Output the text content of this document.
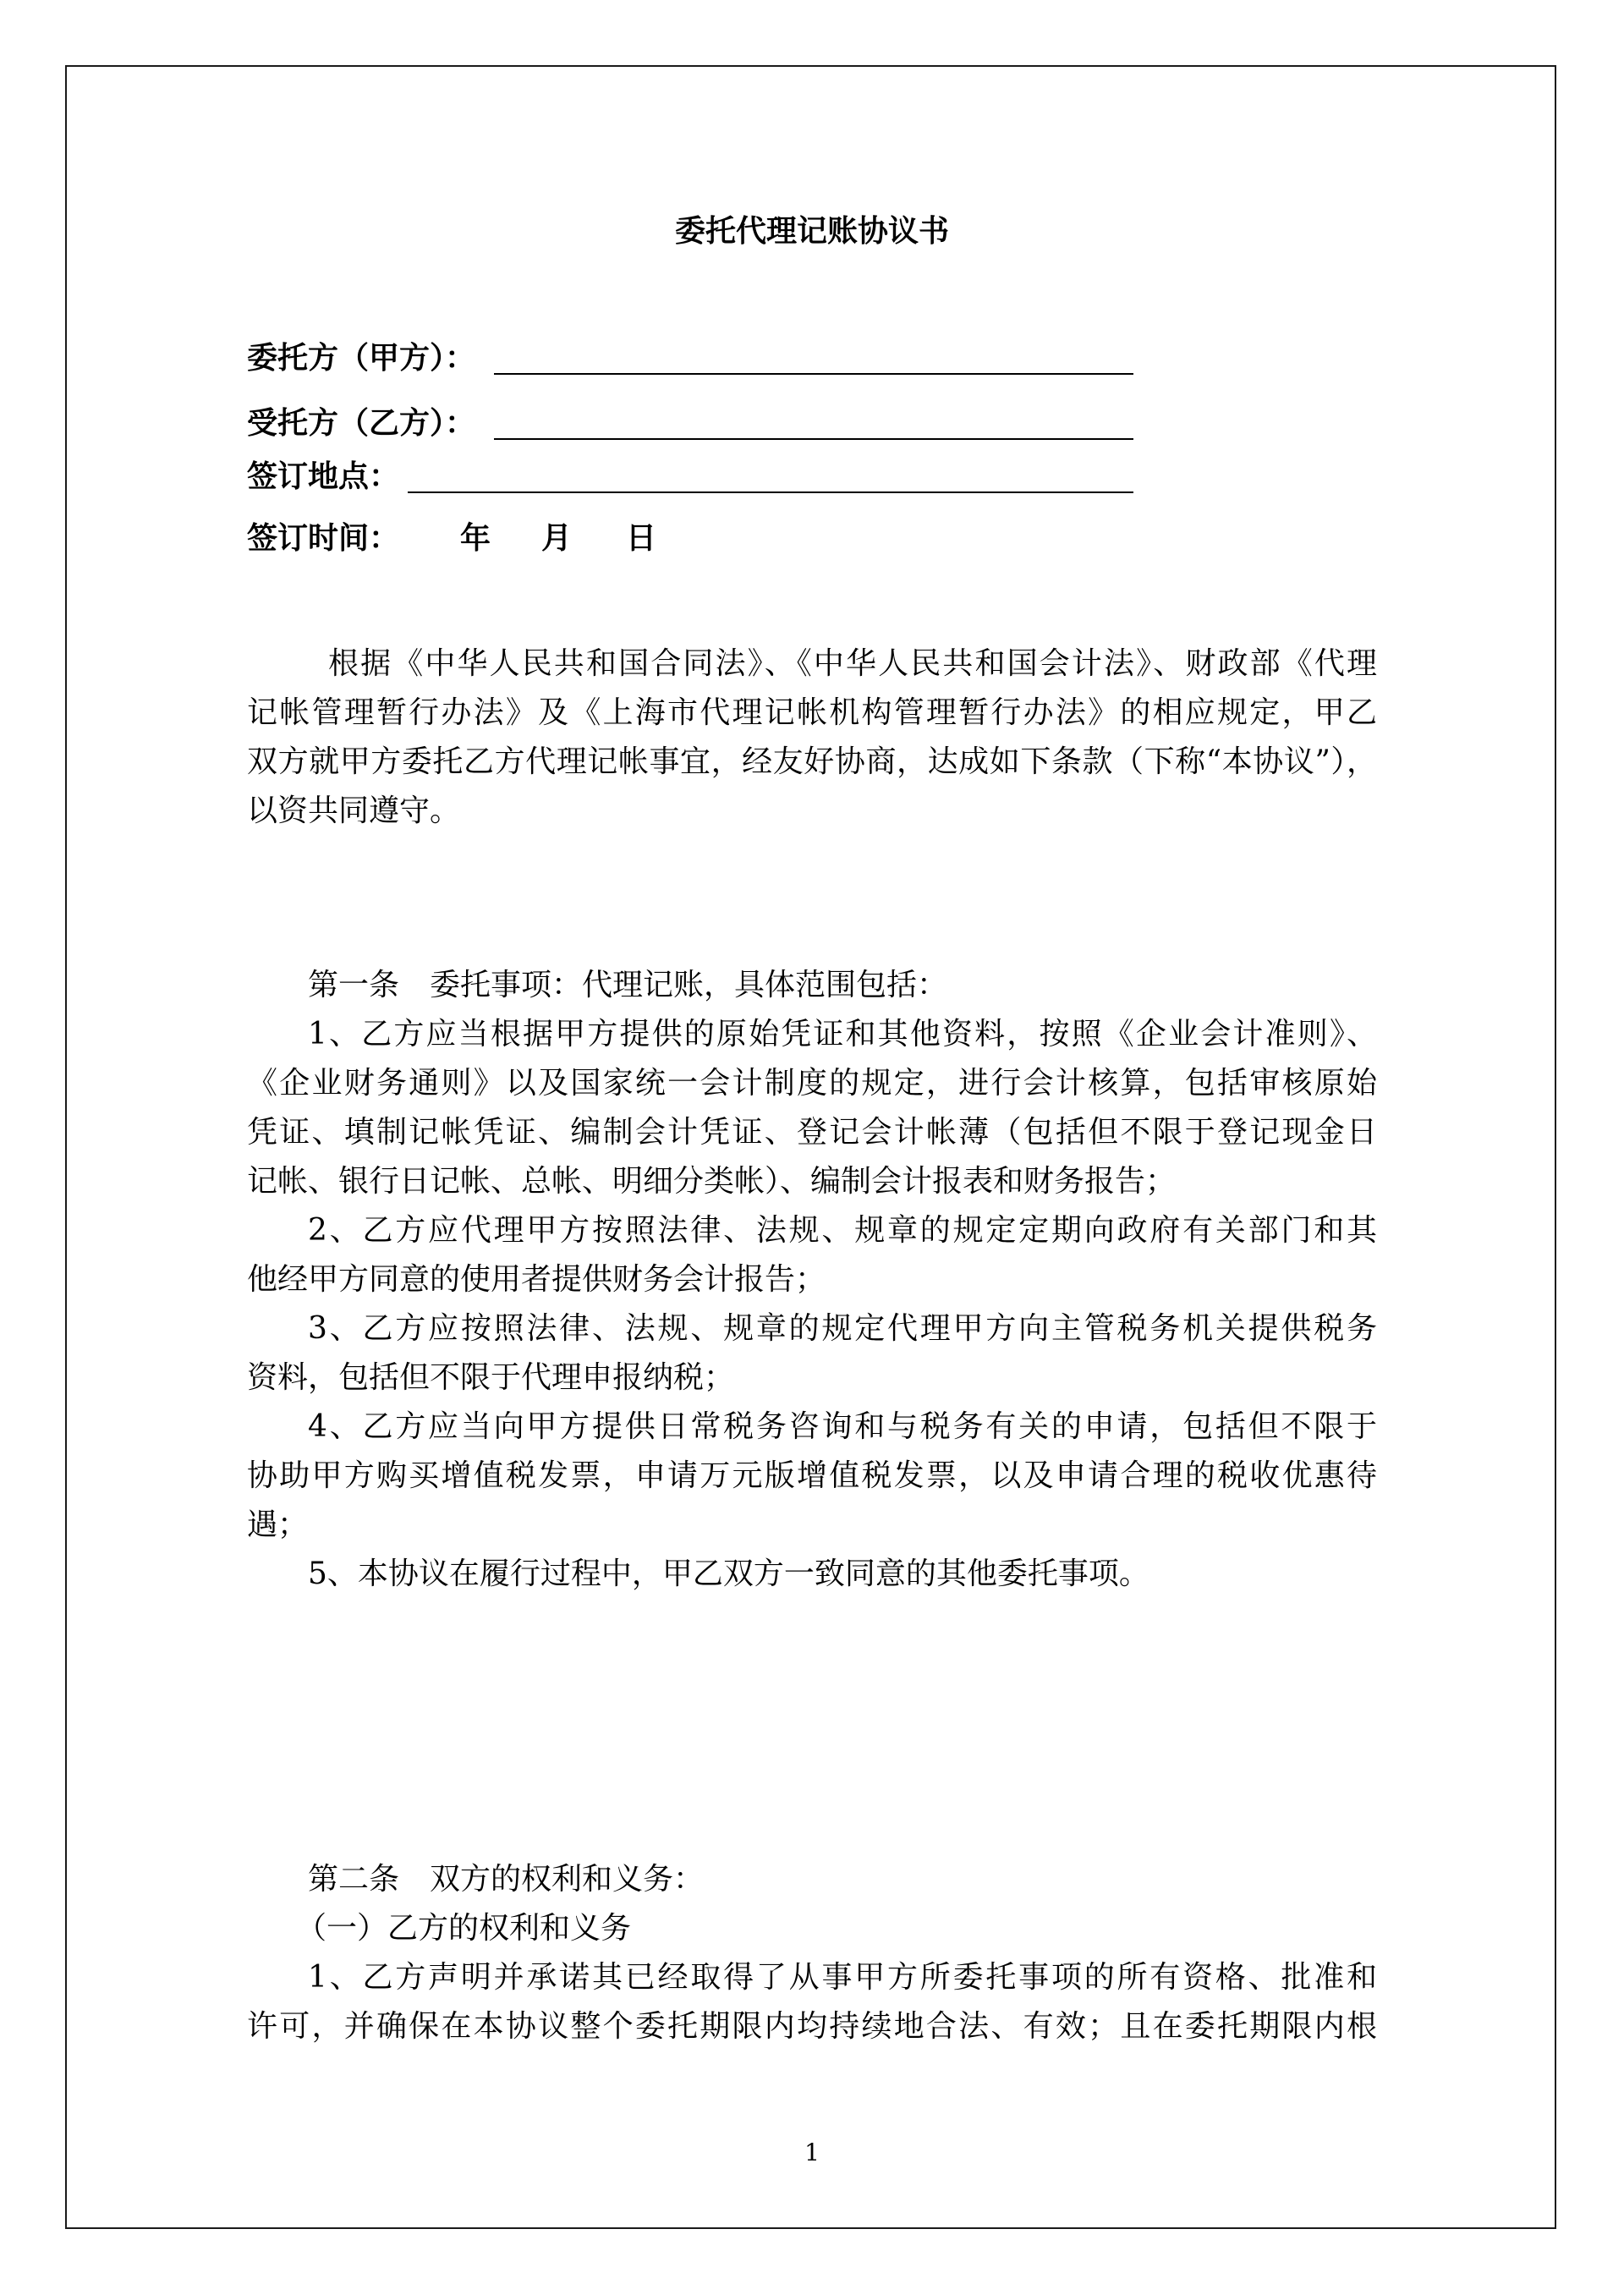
委托代理记账协议书
委托方（甲方）：
受托方（乙方）：
签订地点：
签订时间： 年 月 日
根据《中华人民共和国合同法》、《中华人民共和国会计法》、财政部《代理
记帐管理暂行办法》及《上海市代理记帐机构管理暂行办法》的相应规定，甲乙
双方就甲方委托乙方代理记帐事宜，经友好协商，达成如下条款（下称“本协议”），
以资共同遵守。
第一条　委托事项：代理记账，具体范围包括：
1、乙方应当根据甲方提供的原始凭证和其他资料，按照《企业会计准则》、
《企业财务通则》以及国家统一会计制度的规定，进行会计核算，包括审核原始
凭证、填制记帐凭证、编制会计凭证、登记会计帐薄（包括但不限于登记现金日
记帐、银行日记帐、总帐、明细分类帐）、编制会计报表和财务报告；
2、乙方应代理甲方按照法律、法规、规章的规定定期向政府有关部门和其
他经甲方同意的使用者提供财务会计报告；
3、乙方应按照法律、法规、规章的规定代理甲方向主管税务机关提供税务
资料，包括但不限于代理申报纳税；
4、乙方应当向甲方提供日常税务咨询和与税务有关的申请，包括但不限于
协助甲方购买增值税发票，申请万元版增值税发票，以及申请合理的税收优惠待
遇；
5、本协议在履行过程中，甲乙双方一致同意的其他委托事项。
第二条　双方的权利和义务：
（一）乙方的权利和义务
1、乙方声明并承诺其已经取得了从事甲方所委托事项的所有资格、批准和
许可，并确保在本协议整个委托期限内均持续地合法、有效；且在委托期限内根
1
